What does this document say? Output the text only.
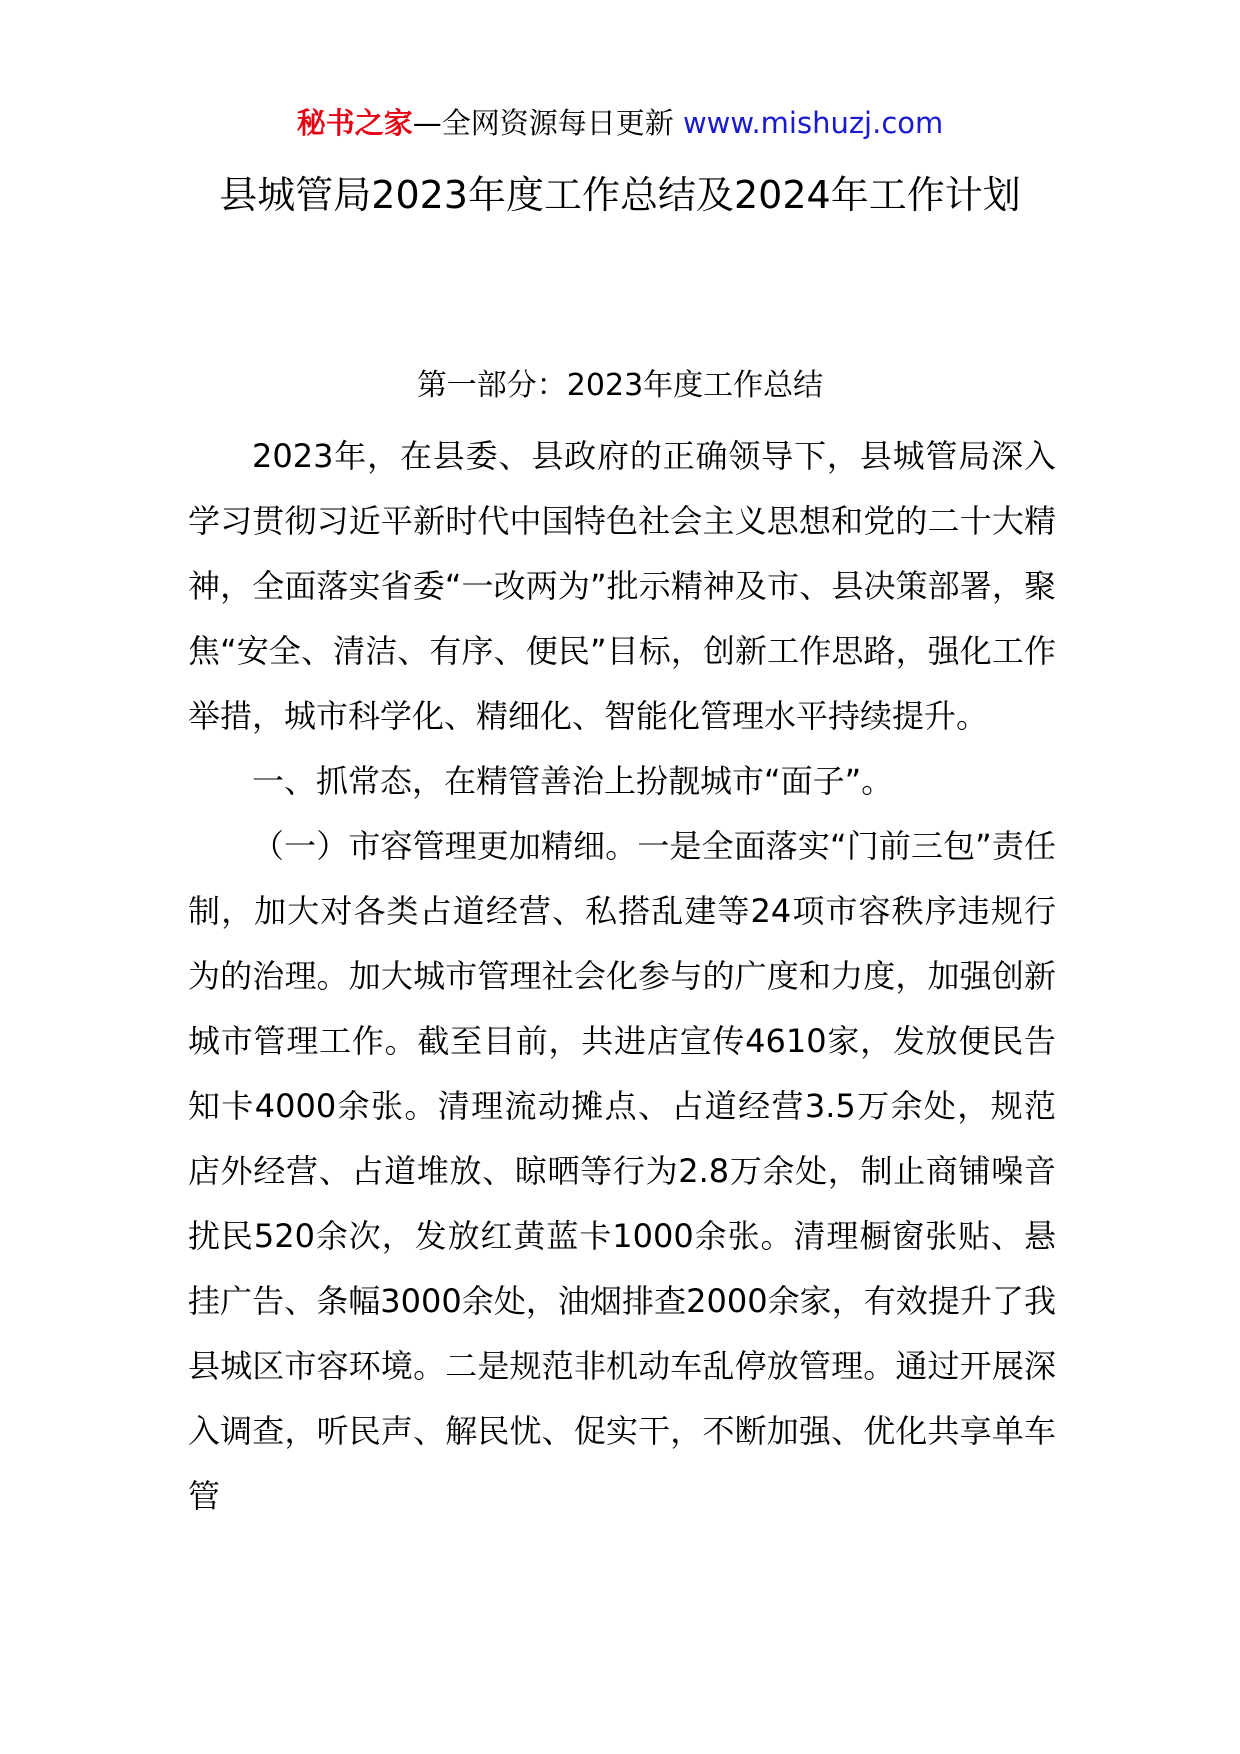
秘书之家—全网资源每日更新 www.mishuzj.com
县城管局2023年度工作总结及2024年工作计划
第一部分：2023年度工作总结

2023年，在县委、县政府的正确领导下，县城管局深入学习贯彻习近平新时代中国特色社会主义思想和党的二十大精神，全面落实省委“一改两为”批示精神及市、县决策部署，聚焦“安全、清洁、有序、便民”目标，创新工作思路，强化工作举措，城市科学化、精细化、智能化管理水平持续提升。

一、抓常态，在精管善治上扮靓城市“面子”。

（一）市容管理更加精细。一是全面落实“门前三包”责任制，加大对各类占道经营、私搭乱建等24项市容秩序违规行为的治理。加大城市管理社会化参与的广度和力度，加强创新城市管理工作。截至目前，共进店宣传4610家，发放便民告知卡4000余张。清理流动摊点、占道经营3.5万余处，规范店外经营、占道堆放、晾晒等行为2.8万余处，制止商铺噪音扰民520余次，发放红黄蓝卡1000余张。清理橱窗张贴、悬挂广告、条幅3000余处，油烟排查2000余家，有效提升了我县城区市容环境。二是规范非机动车乱停放管理。通过开展深入调查，听民声、解民忧、促实干，不断加强、优化共享单车管
